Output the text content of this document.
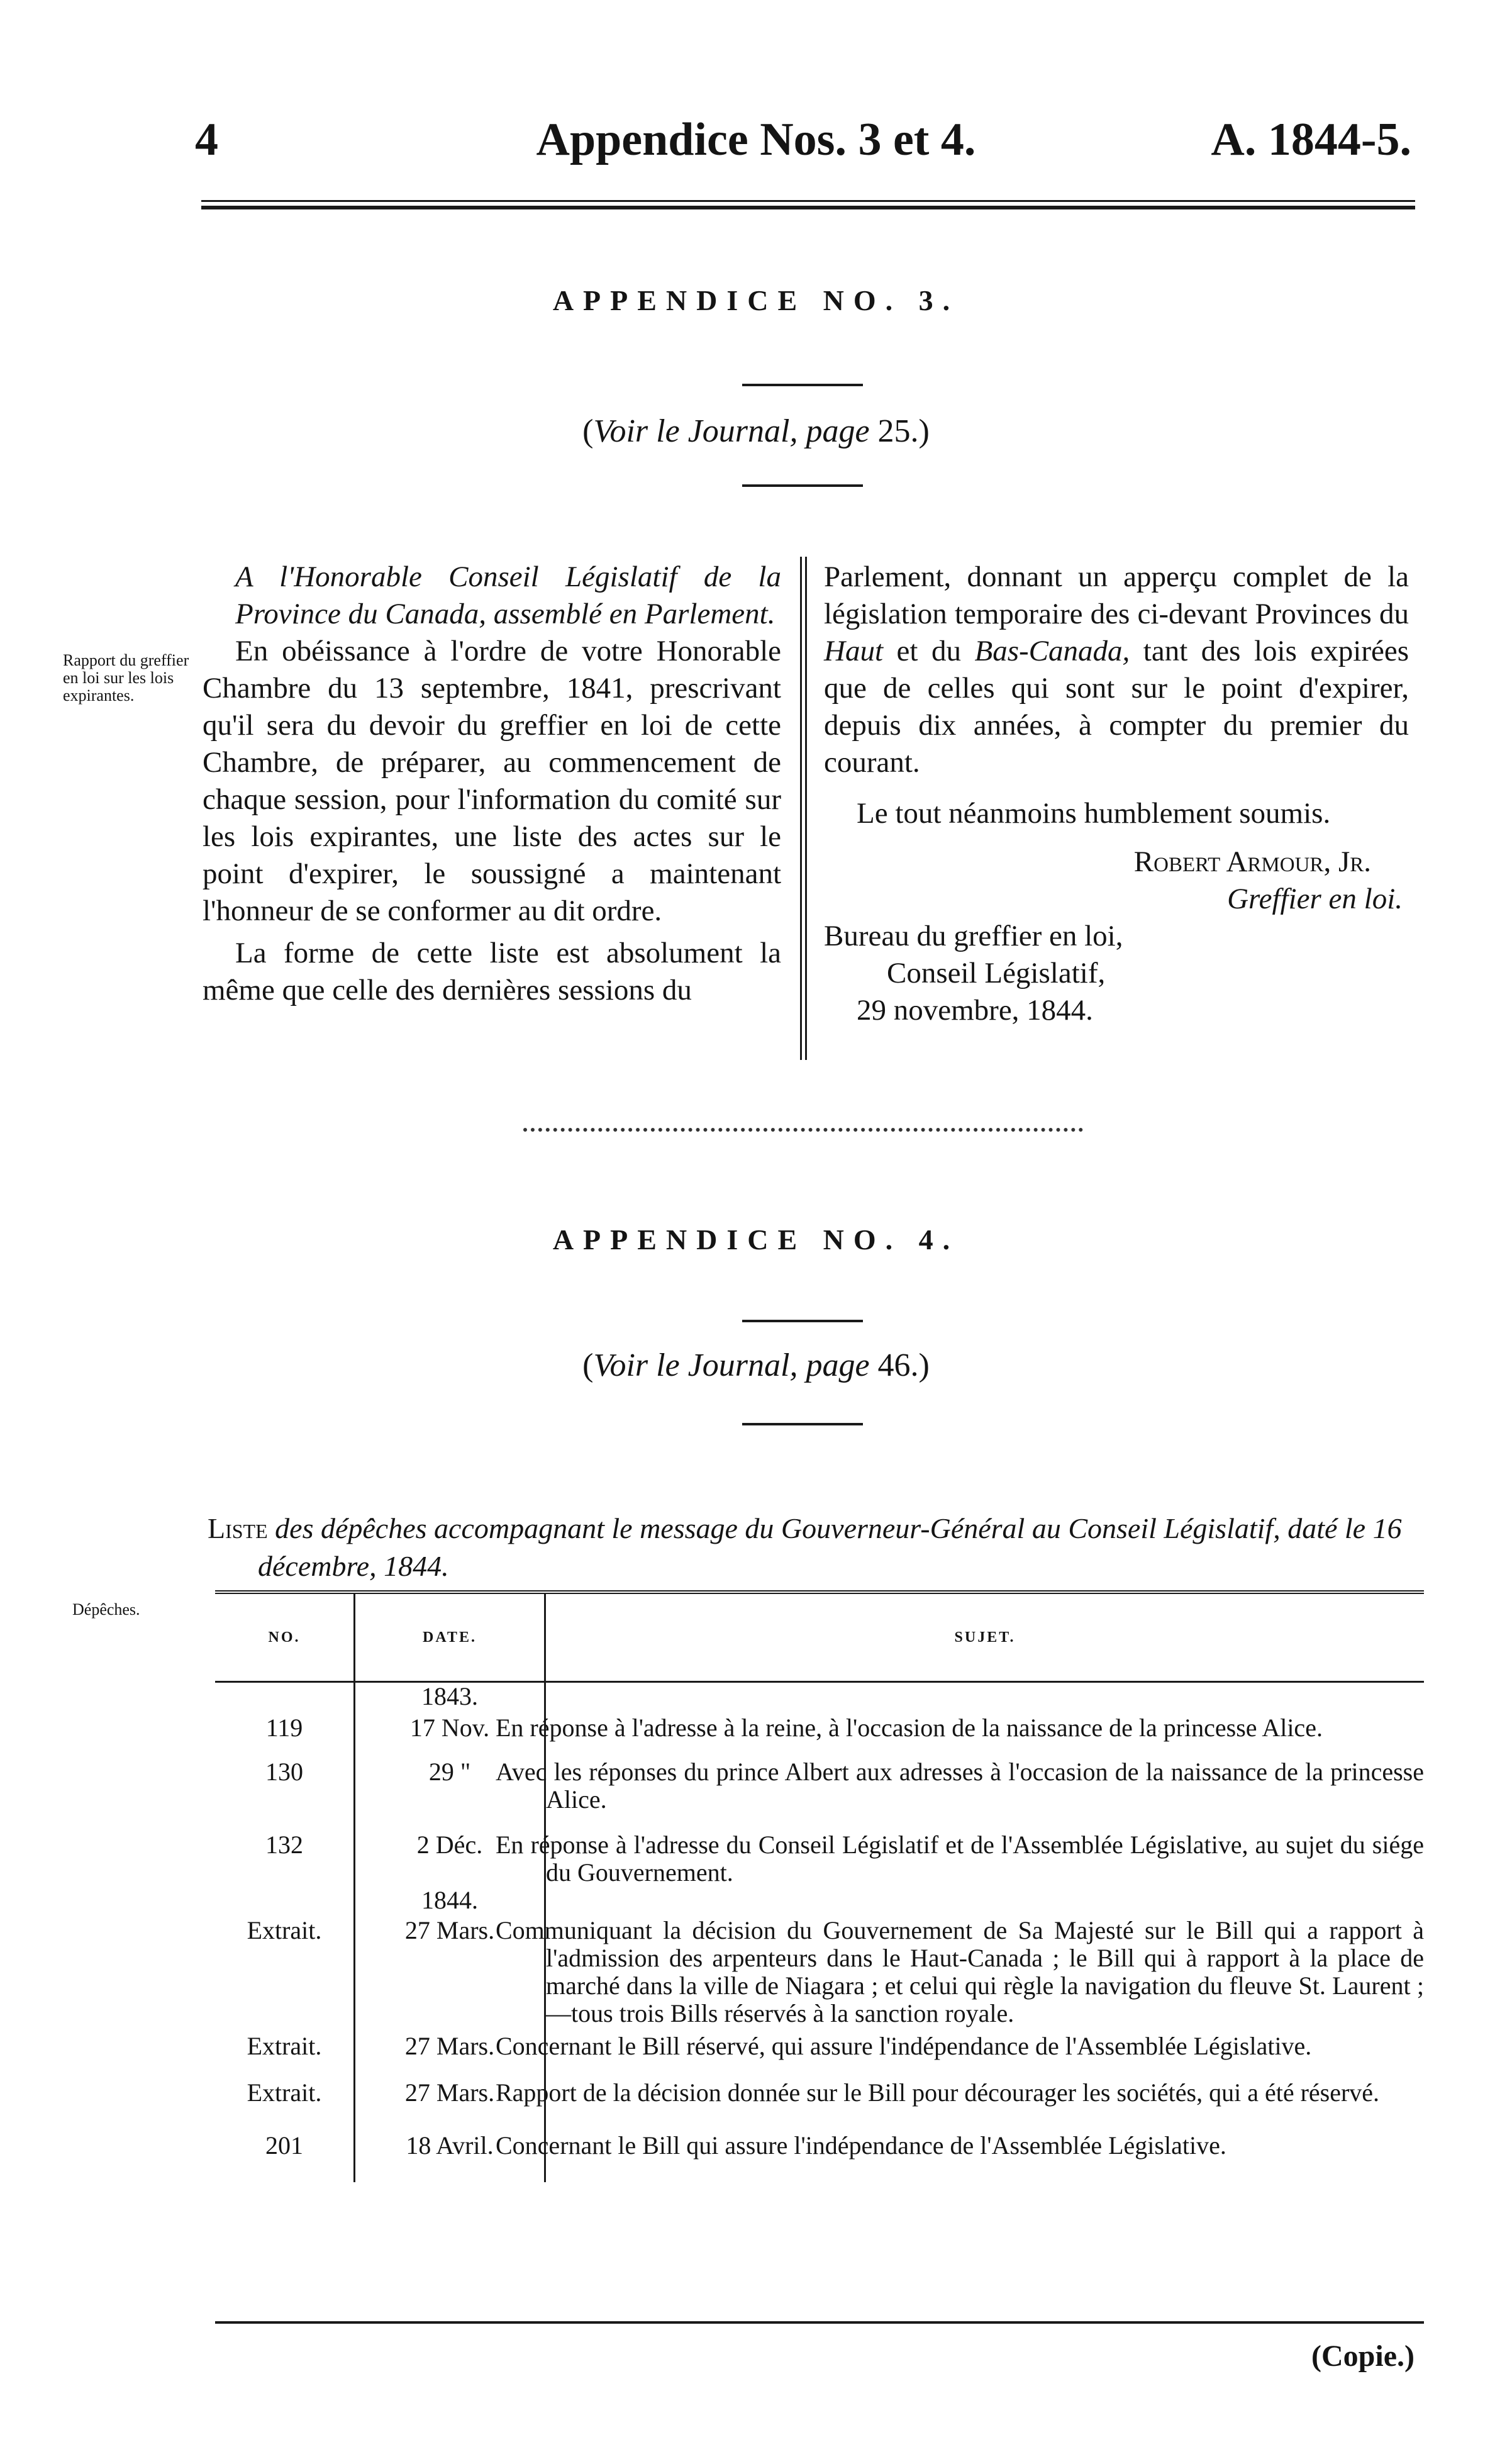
4	Appendice Nos. 3 et 4.	A. 1844-5.
APPENDICE NO. 3.
(Voir le Journal, page 25.)
Rapport du greffier en loi sur les lois expirantes.

A l'Honorable Conseil Législatif de la Province du Canada, assemblé en Parlement.

En obéissance à l'ordre de votre Honorable Chambre du 13 septembre, 1841, prescrivant qu'il sera du devoir du greffier en loi de cette Chambre, de préparer, au commencement de chaque session, pour l'information du comité sur les lois expirantes, une liste des actes sur le point d'expirer, le soussigné a maintenant l'honneur de se conformer au dit ordre.

La forme de cette liste est absolument la même que celle des dernières sessions du

Parlement, donnant un apperçu complet de la législation temporaire des ci-devant Provinces du Haut et du Bas-Canada, tant des lois expirées que de celles qui sont sur le point d'expirer, depuis dix années, à compter du premier du courant.

Le tout néanmoins humblement soumis.

Robert Armour, Jr.

Greffier en loi.

Bureau du greffier en loi,

Conseil Législatif,

29 novembre, 1844.

APPENDICE NO. 4.
(Voir le Journal, page 46.)
Liste des dépêches accompagnant le message du Gouverneur-Général au Conseil Législatif, daté le 16 décembre, 1844.
Dépêches.
NO.	DATE.	SUJET.
	1843.	
119	17 Nov.	En réponse à l'adresse à la reine, à l'occasion de la naissance de la princesse Alice.
130	29 "	Avec les réponses du prince Albert aux adresses à l'occasion de la naissance de la princesse Alice.
132	2 Déc.	En réponse à l'adresse du Conseil Législatif et de l'Assemblée Législative, au sujet du siége du Gouvernement.
	1844.	
Extrait.	27 Mars.	Communiquant la décision du Gouvernement de Sa Majesté sur le Bill qui a rapport à l'admission des arpenteurs dans le Haut-Canada ; le Bill qui à rapport à la place de marché dans la ville de Niagara ; et celui qui règle la navigation du fleuve St. Laurent ;—tous trois Bills réservés à la sanction royale.
Extrait.	27 Mars.	Concernant le Bill réservé, qui assure l'indépendance de l'Assemblée Législative.
Extrait.	27 Mars.	Rapport de la décision donnée sur le Bill pour décourager les sociétés, qui a été réservé.
201	18 Avril.	Concernant le Bill qui assure l'indépendance de l'Assemblée Législative.
(Copie.)
